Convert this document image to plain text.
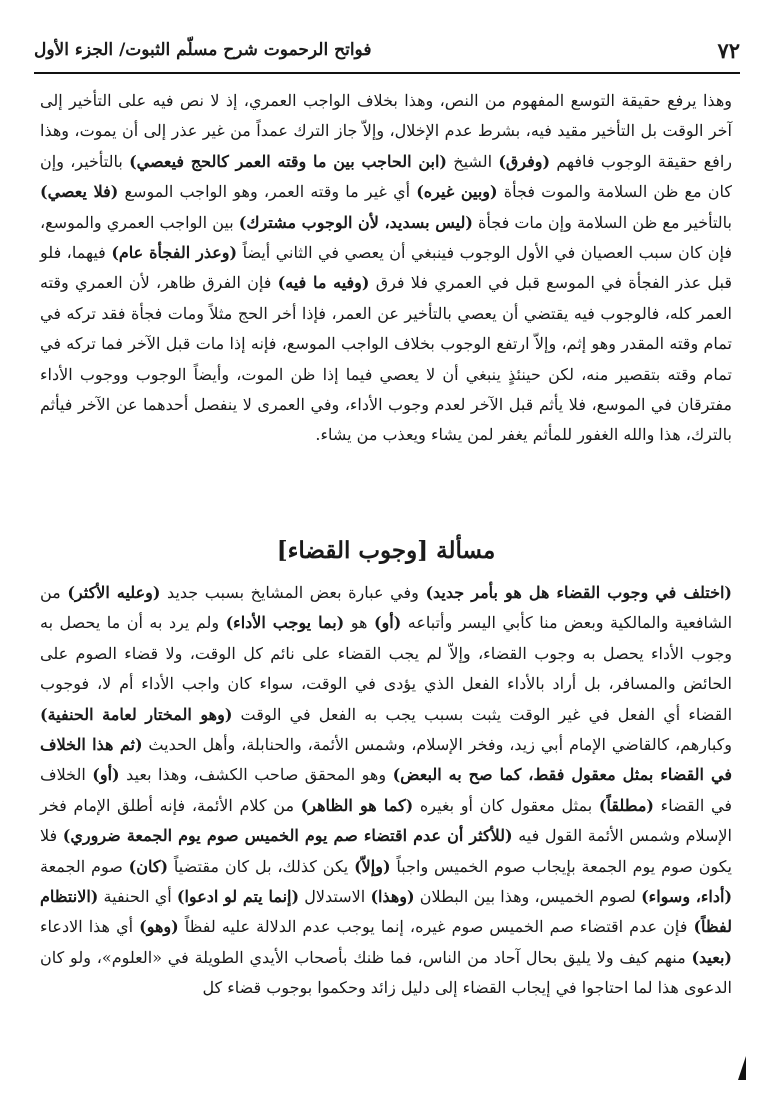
٧٢
فواتح الرحموت شرح مسلّم الثبوت/ الجزء الأول

وهذا يرفع حقيقة التوسع المفهوم من النص، وهذا بخلاف الواجب العمري، إذ لا نص فيه على التأخير إلى آخر الوقت بل التأخير مقيد فيه، بشرط عدم الإخلال، وإلاّ جاز الترك عمداً من غير عذر إلى أن يموت، وهذا رافع حقيقة الوجوب فافهم (وفرق) الشيخ (ابن الحاجب بين ما وقته العمر كالحج فيعصي) بالتأخير، وإن كان مع ظن السلامة والموت فجأة (وبين غيره) أي غير ما وقته العمر، وهو الواجب الموسع (فلا يعصي) بالتأخير مع ظن السلامة وإن مات فجأة (ليس بسديد، لأن الوجوب مشترك) بين الواجب العمري والموسع، فإن كان سبب العصيان في الأول الوجوب فينبغي أن يعصي في الثاني أيضاً (وعذر الفجأة عام) فيهما، فلو قبل عذر الفجأة في الموسع قبل في العمري فلا فرق (وفيه ما فيه) فإن الفرق ظاهر، لأن العمري وقته العمر كله، فالوجوب فيه يقتضي أن يعصي بالتأخير عن العمر، فإذا أخر الحج مثلاً ومات فجأة فقد تركه في تمام وقته المقدر وهو إثم، وإلاّ ارتفع الوجوب بخلاف الواجب الموسع، فإنه إذا مات قبل الآخر فما تركه في تمام وقته بتقصير منه، لكن حينئذٍ ينبغي أن لا يعصي فيما إذا ظن الموت، وأيضاً الوجوب ووجوب الأداء مفترقان في الموسع، فلا يأثم قبل الآخر لعدم وجوب الأداء، وفي العمرى لا ينفصل أحدهما عن الآخر فيأثم بالترك، هذا والله الغفور للمأثم يغفر لمن يشاء ويعذب من يشاء.

مسألة [وجوب القضاء]

(اختلف في وجوب القضاء هل هو بأمر جديد) وفي عبارة بعض المشايخ بسبب جديد (وعليه الأكثر) من الشافعية والمالكية وبعض منا كأبي اليسر وأتباعه (أو) هو (بما يوجب الأداء) ولم يرد به أن ما يحصل به وجوب الأداء يحصل به وجوب القضاء، وإلاّ لم يجب القضاء على نائم كل الوقت، ولا قضاء الصوم على الحائض والمسافر، بل أراد بالأداء الفعل الذي يؤدى في الوقت، سواء كان واجب الأداء أم لا، فوجوب القضاء أي الفعل في غير الوقت يثبت بسبب يجب به الفعل في الوقت (وهو المختار لعامة الحنفية) وكبارهم، كالقاضي الإمام أبي زيد، وفخر الإسلام، وشمس الأئمة، والحنابلة، وأهل الحديث (ثم هذا الخلاف في القضاء بمثل معقول فقط، كما صح به البعض) وهو المحقق صاحب الكشف، وهذا بعيد (أو) الخلاف في القضاء (مطلقاً) بمثل معقول كان أو بغيره (كما هو الظاهر) من كلام الأئمة، فإنه أطلق الإمام فخر الإسلام وشمس الأئمة القول فيه (للأكثر أن عدم اقتضاء صم يوم الخميس صوم يوم الجمعة ضروري) فلا يكون صوم يوم الجمعة بإيجاب صوم الخميس واجباً (وإلاّ) يكن كذلك، بل كان مقتضياً (كان) صوم الجمعة (أداء، وسواء) لصوم الخميس، وهذا بين البطلان (وهذا) الاستدلال (إنما يتم لو ادعوا) أي الحنفية (الانتظام لفظاً) فإن عدم اقتضاء صم الخميس صوم غيره، إنما يوجب عدم الدلالة عليه لفظاً (وهو) أي هذا الادعاء (بعيد) منهم كيف ولا يليق بحال آحاد من الناس، فما ظنك بأصحاب الأيدي الطويلة في «العلوم»، ولو كان الدعوى هذا لما احتاجوا في إيجاب القضاء إلى دليل زائد وحكموا بوجوب قضاء كل
